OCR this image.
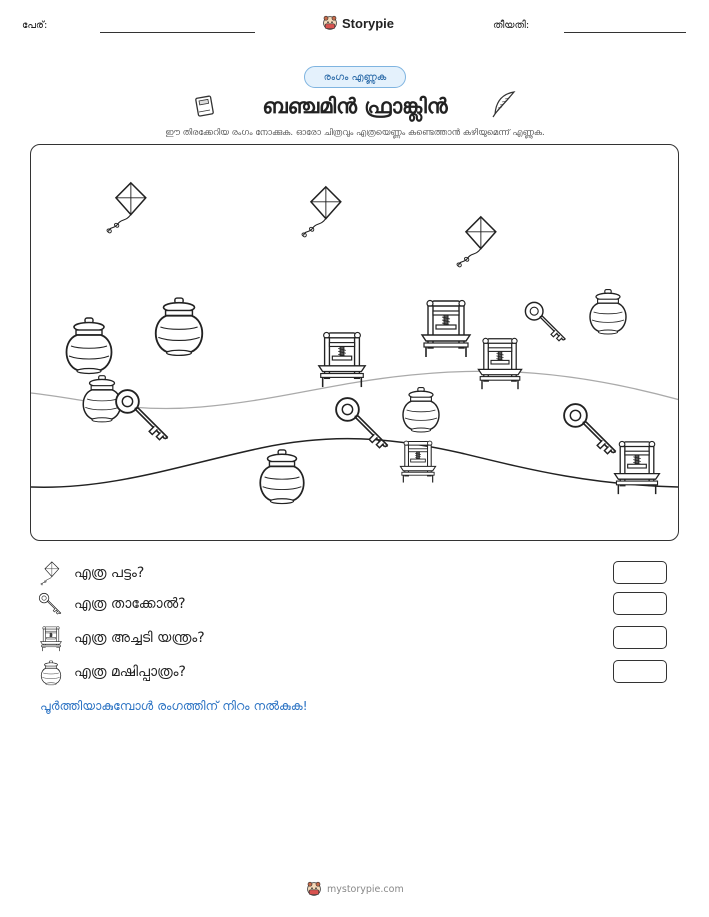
പേര്:	Storypie	തീയതി:
രംഗം എണ്ണുക
ബഞ്ചമിൻ ഫ്രാങ്ക്ലിൻ
ഈ തിരക്കേറിയ രംഗം നോക്കുക. ഓരോ ചിത്രവും എത്രയെണ്ണം കണ്ടെത്താൻ കഴിയുമെന്ന് എണ്ണുക.
എത്ര പട്ടം?
എത്ര താക്കോൽ?
എത്ര അച്ചടി യന്ത്രം?
എത്ര മഷിപ്പാത്രം?
പൂർത്തിയാകുമ്പോൾ രംഗത്തിന് നിറം നൽകുക!
mystorypie.com
